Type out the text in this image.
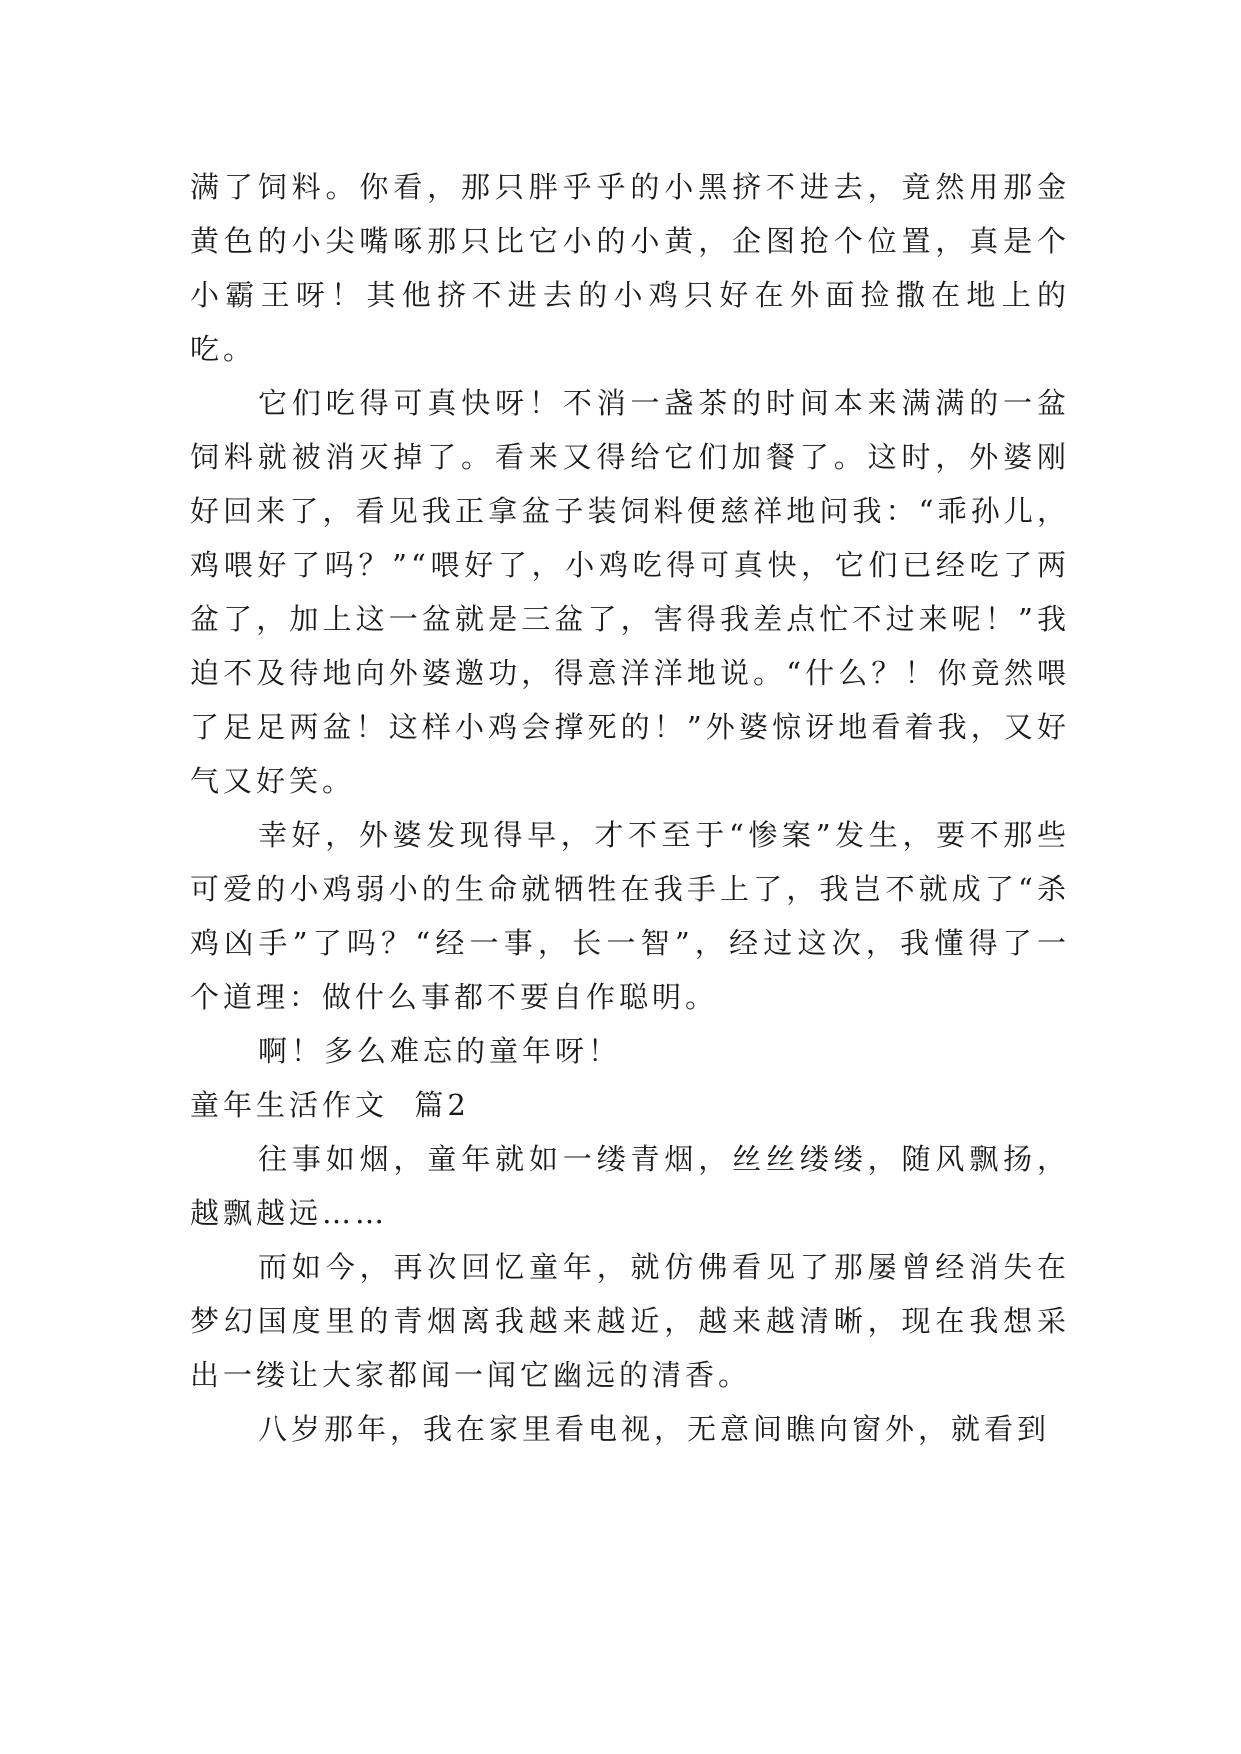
满了饲料。你看，那只胖乎乎的小黑挤不进去，竟然用那金黄色的小尖嘴啄那只比它小的小黄，企图抢个位置，真是个小霸王呀！其他挤不进去的小鸡只好在外面捡撒在地上的吃。

它们吃得可真快呀！不消一盏茶的时间本来满满的一盆饲料就被消灭掉了。看来又得给它们加餐了。这时，外婆刚好回来了，看见我正拿盆子装饲料便慈祥地问我：“乖孙儿，鸡喂好了吗？”“喂好了，小鸡吃得可真快，它们已经吃了两盆了，加上这一盆就是三盆了，害得我差点忙不过来呢！”我迫不及待地向外婆邀功，得意洋洋地说。“什么？！你竟然喂了足足两盆！这样小鸡会撑死的！”外婆惊讶地看着我，又好气又好笑。

幸好，外婆发现得早，才不至于“惨案”发生，要不那些可爱的小鸡弱小的生命就牺牲在我手上了，我岂不就成了“杀鸡凶手”了吗？“经一事，长一智”，经过这次，我懂得了一个道理：做什么事都不要自作聪明。

啊！多么难忘的童年呀！

童年生活作文  篇2

往事如烟，童年就如一缕青烟，丝丝缕缕，随风飘扬，越飘越远……

而如今，再次回忆童年，就仿佛看见了那屡曾经消失在梦幻国度里的青烟离我越来越近，越来越清晰，现在我想采出一缕让大家都闻一闻它幽远的清香。

八岁那年，我在家里看电视，无意间瞧向窗外，就看到
